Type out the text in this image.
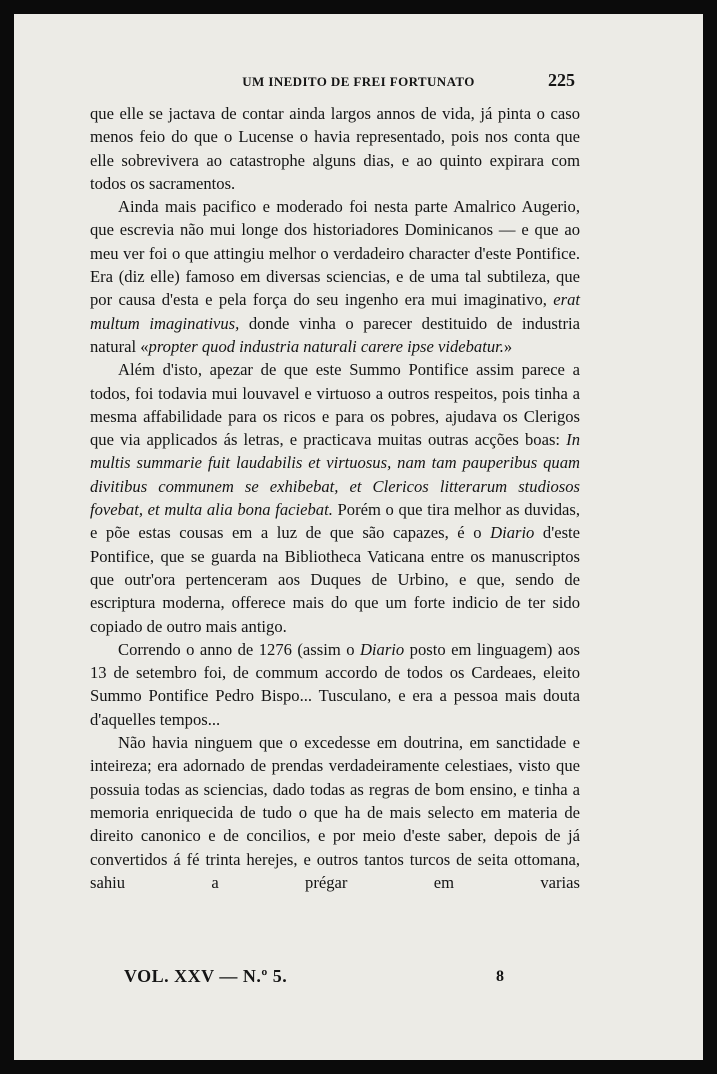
UM INEDITO DE FREI FORTUNATO	225

que elle se jactava de contar ainda largos annos de vida, já pinta o caso menos feio do que o Lucense o havia representado, pois nos conta que elle sobrevivera ao catastrophe alguns dias, e ao quinto expirara com todos os sacramentos.

Ainda mais pacifico e moderado foi nesta parte Amalrico Augerio, que escrevia não mui longe dos historiadores Dominicanos — e que ao meu ver foi o que attingiu melhor o verdadeiro character d'este Pontifice. Era (diz elle) famoso em diversas sciencias, e de uma tal subtileza, que por causa d'esta e pela força do seu ingenho era mui imaginativo, erat multum imaginativus, donde vinha o parecer destituido de industria natural «propter quod industria naturali carere ipse videbatur.»

Além d'isto, apezar de que este Summo Pontifice assim parece a todos, foi todavia mui louvavel e virtuoso a outros respeitos, pois tinha a mesma affabilidade para os ricos e para os pobres, ajudava os Clerigos que via applicados ás letras, e practicava muitas outras acções boas: In multis summarie fuit laudabilis et virtuosus, nam tam pauperibus quam divitibus communem se exhibebat, et Clericos litterarum studiosos fovebat, et multa alia bona faciebat. Porém o que tira melhor as duvidas, e põe estas cousas em a luz de que são capazes, é o Diario d'este Pontifice, que se guarda na Bibliotheca Vaticana entre os manuscriptos que outr'ora pertenceram aos Duques de Urbino, e que, sendo de escriptura moderna, offerece mais do que um forte indicio de ter sido copiado de outro mais antigo.

Correndo o anno de 1276 (assim o Diario posto em linguagem) aos 13 de setembro foi, de commum accordo de todos os Cardeaes, eleito Summo Pontifice Pedro Bispo... Tusculano, e era a pessoa mais douta d'aquelles tempos...

Não havia ninguem que o excedesse em doutrina, em sanctidade e inteireza; era adornado de prendas verdadeiramente celestiaes, visto que possuia todas as sciencias, dado todas as regras de bom ensino, e tinha a memoria enriquecida de tudo o que ha de mais selecto em materia de direito canonico e de concilios, e por meio d'este saber, depois de já convertidos á fé trinta herejes, e outros tantos turcos de seita ottomana, sahiu a prégar em varias

VOL. XXV — N.º 5.	8
